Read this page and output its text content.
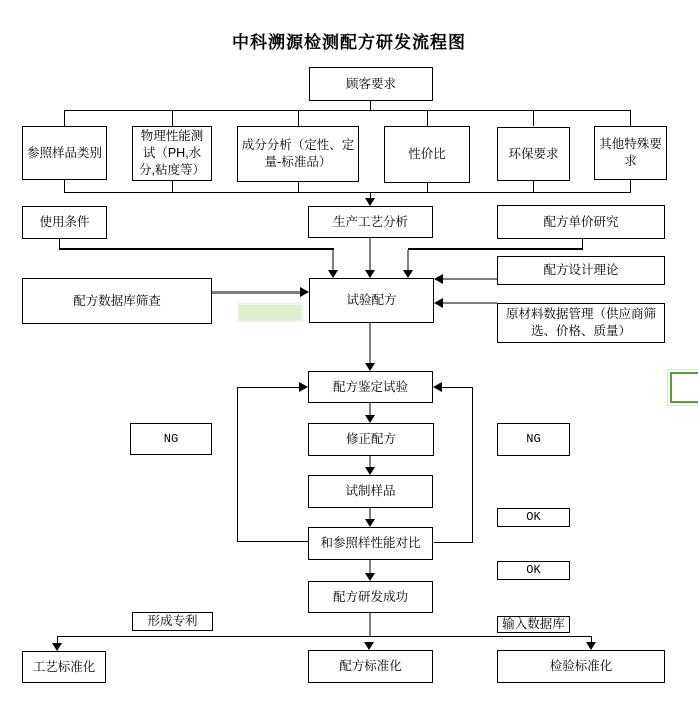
中科溯源检测配方研发流程图
顾客要求
参照样品类别
物理性能测试（PH,水分,粘度等）
成分分析（定性、定量-标准品）
性价比	环保要求
其他特殊要求
使用条件	生产工艺分析	配方单价研究
配方数据库筛查	试验配方
配方设计理论
原材料数据管理（供应商筛选、价格、质量）
配方鉴定试验
NG	修正配方	NG
试制样品
OK
和参照样性能对比
OK
配方研发成功
形成专利	输入数据库
工艺标准化	配方标准化	检验标准化
